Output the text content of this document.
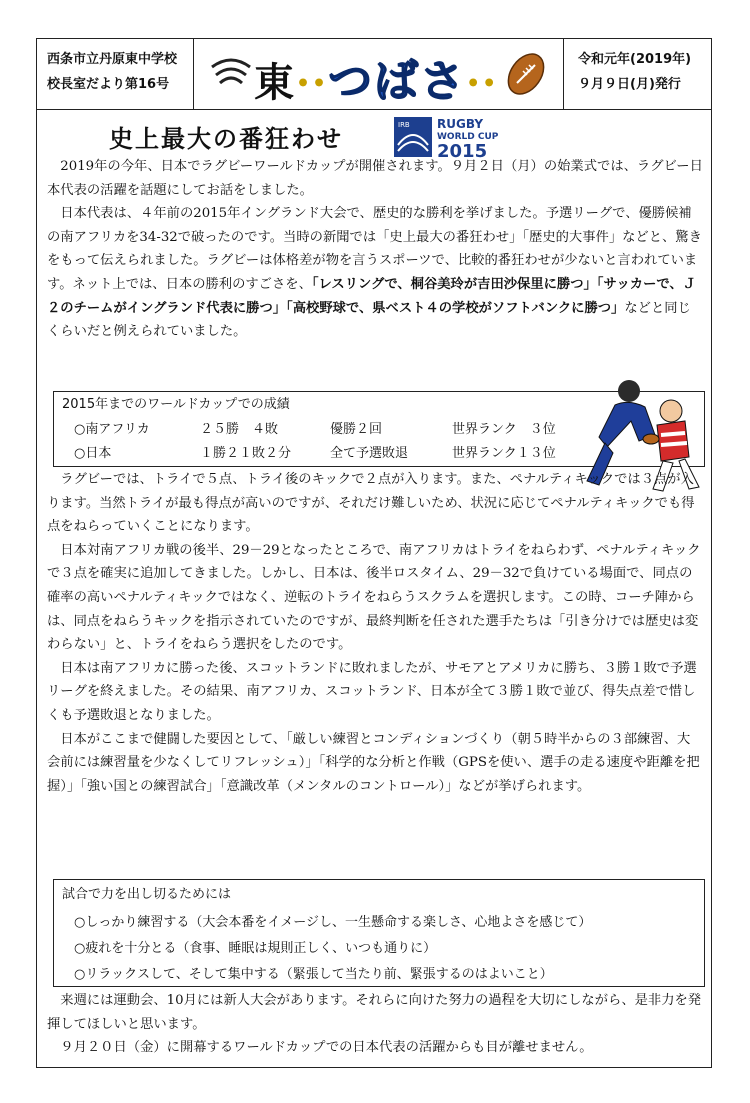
西条市立丹原東中学校
校長室だより第16号	東••つばさ••
令和元年(2019年)
９月９日(月)発行
史上最大の番狂わせ	IRB RUGBY
WORLD CUP
2015

2019年の今年、日本でラグビーワールドカップが開催されます。９月２日（月）の始業式では、ラグビー日本代表の活躍を話題にしてお話をしました。

日本代表は、４年前の2015年イングランド大会で、歴史的な勝利を挙げました。予選リーグで、優勝候補の南アフリカを34-32で破ったのです。当時の新聞では「史上最大の番狂わせ」「歴史的大事件」などと、驚きをもって伝えられました。ラグビーは体格差が物を言うスポーツで、比較的番狂わせが少ないと言われています。ネット上では、日本の勝利のすごさを、「レスリングで、桐谷美玲が吉田沙保里に勝つ」「サッカーで、Ｊ２のチームがイングランド代表に勝つ」「高校野球で、県ベスト４の学校がソフトバンクに勝つ」などと同じくらいだと例えられていました。

2015年までのワールドカップでの成績
○南アフリカ	２５勝　４敗	優勝２回	世界ランク　３位
○日本	１勝２１敗２分	全て予選敗退	世界ランク１３位

ラグビーでは、トライで５点、トライ後のキックで２点が入ります。また、ペナルティキックでは３点が入ります。当然トライが最も得点が高いのですが、それだけ難しいため、状況に応じてペナルティキックでも得点をねらっていくことになります。

日本対南アフリカ戦の後半、29－29となったところで、南アフリカはトライをねらわず、ペナルティキックで３点を確実に追加してきました。しかし、日本は、後半ロスタイム、29－32で負けている場面で、同点の確率の高いペナルティキックではなく、逆転のトライをねらうスクラムを選択します。この時、コーチ陣からは、同点をねらうキックを指示されていたのですが、最終判断を任された選手たちは「引き分けでは歴史は変わらない」と、トライをねらう選択をしたのです。

日本は南アフリカに勝った後、スコットランドに敗れましたが、サモアとアメリカに勝ち、３勝１敗で予選リーグを終えました。その結果、南アフリカ、スコットランド、日本が全て３勝１敗で並び、得失点差で惜しくも予選敗退となりました。

日本がここまで健闘した要因として、「厳しい練習とコンディションづくり（朝５時半からの３部練習、大会前には練習量を少なくしてリフレッシュ）」「科学的な分析と作戦（GPSを使い、選手の走る速度や距離を把握）」「強い国との練習試合」「意識改革（メンタルのコントロール）」などが挙げられます。

試合で力を出し切るためには
○しっかり練習する（大会本番をイメージし、一生懸命する楽しさ、心地よさを感じて）
○疲れを十分とる（食事、睡眠は規則正しく、いつも通りに）
○リラックスして、そして集中する（緊張して当たり前、緊張するのはよいこと）

来週には運動会、10月には新人大会があります。それらに向けた努力の過程を大切にしながら、是非力を発揮してほしいと思います。

９月２０日（金）に開幕するワールドカップでの日本代表の活躍からも目が離せません。
